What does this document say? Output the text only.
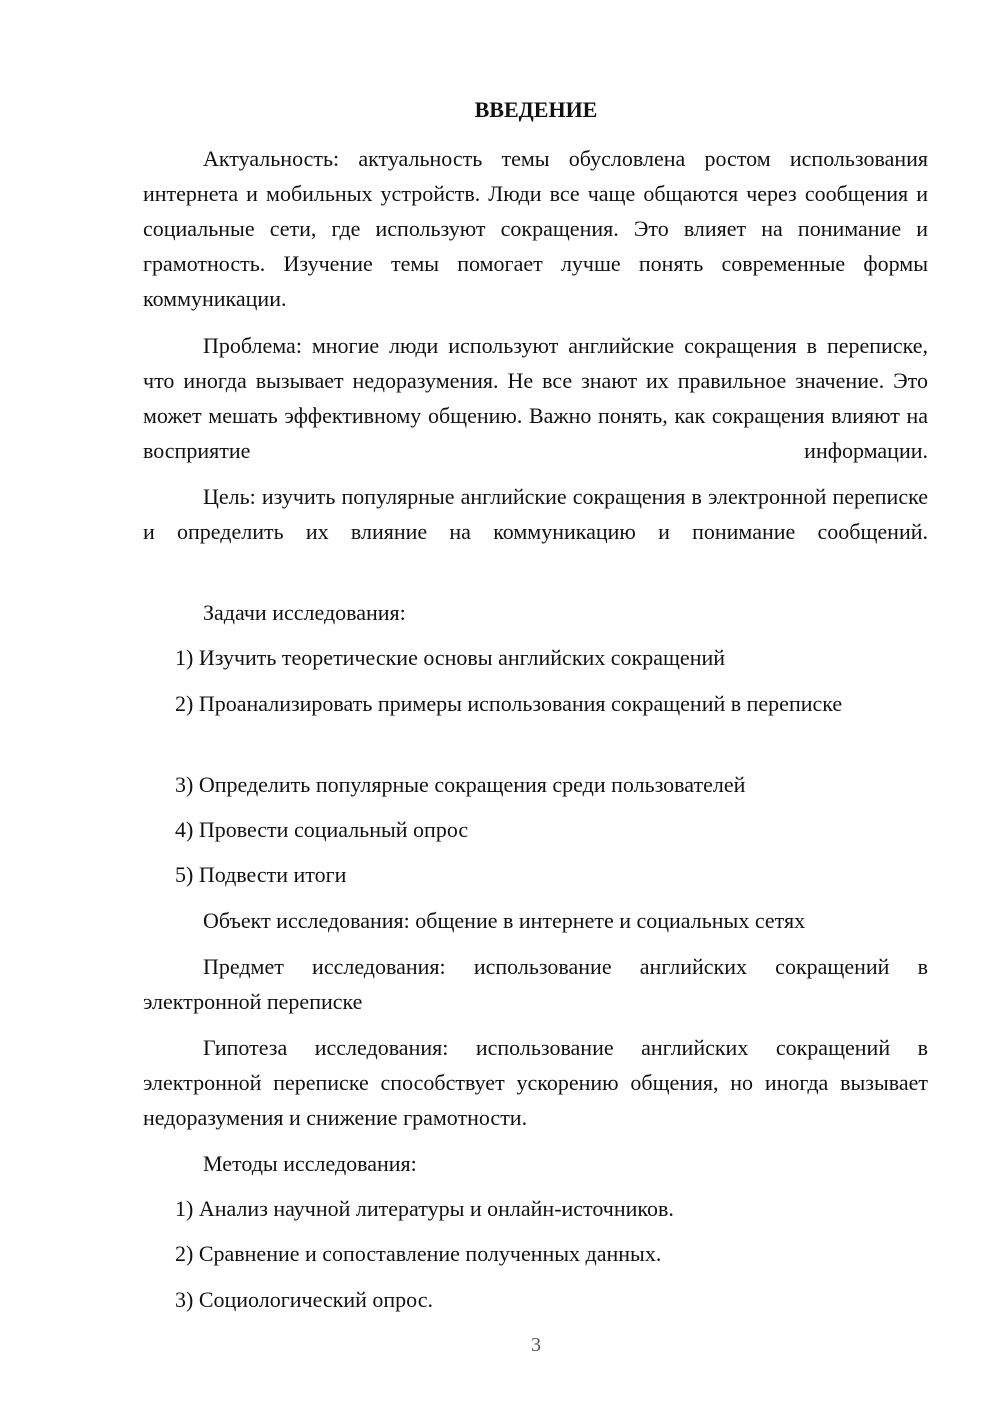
ВВЕДЕНИЕ

Актуальность: актуальность темы обусловлена ростом использования интернета и мобильных устройств. Люди все чаще общаются через сообщения и социальные сети, где используют сокращения. Это влияет на понимание и грамотность. Изучение темы помогает лучше понять современные формы коммуникации.

Проблема: многие люди используют английские сокращения в переписке, что иногда вызывает недоразумения. Не все знают их правильное значение. Это может мешать эффективному общению. Важно понять, как сокращения влияют на восприятие информации.

Цель: изучить популярные английские сокращения в электронной переписке и определить их влияние на коммуникацию и понимание сообщений.

Задачи исследования:
1) Изучить теоретические основы английских сокращений
2) Проанализировать примеры использования сокращений в переписке
3) Определить популярные сокращения среди пользователей
4) Провести социальный опрос
5) Подвести итоги
Объект исследования: общение в интернете и социальных сетях

Предмет исследования: использование английских сокращений в электронной переписке

Гипотеза исследования: использование английских сокращений в электронной переписке способствует ускорению общения, но иногда вызывает недоразумения и снижение грамотности.

Методы исследования:
1) Анализ научной литературы и онлайн-источников.
2) Сравнение и сопоставление полученных данных.
3) Социологический опрос.
3
